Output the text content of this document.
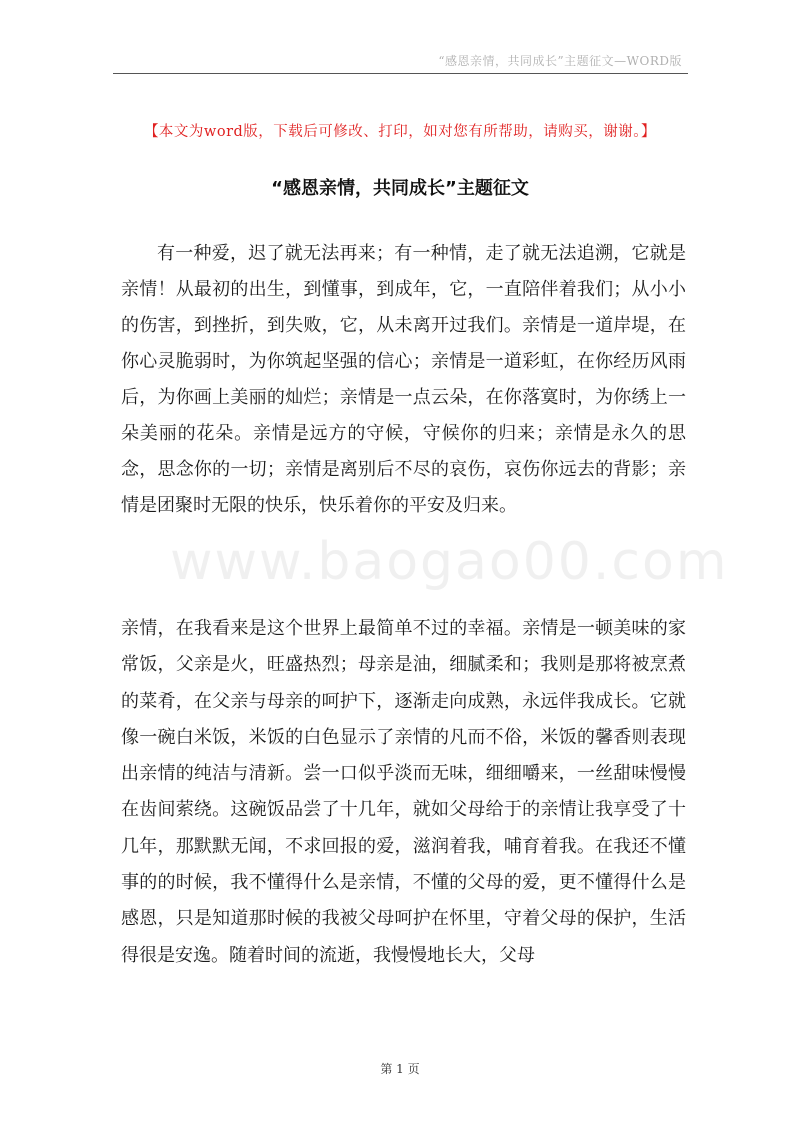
“感恩亲情，共同成长”主题征文—WORD版
【本文为word版，下载后可修改、打印，如对您有所帮助，请购买，谢谢。】
“感恩亲情，共同成长”主题征文
www.baogao00.com

有一种爱，迟了就无法再来；有一种情，走了就无法追溯，它就是亲情！从最初的出生，到懂事，到成年，它，一直陪伴着我们；从小小的伤害，到挫折，到失败，它，从未离开过我们。亲情是一道岸堤，在你心灵脆弱时，为你筑起坚强的信心；亲情是一道彩虹，在你经历风雨后，为你画上美丽的灿烂；亲情是一点云朵，在你落寞时，为你绣上一朵美丽的花朵。亲情是远方的守候，守候你的归来；亲情是永久的思念，思念你的一切；亲情是离别后不尽的哀伤，哀伤你远去的背影；亲情是团聚时无限的快乐，快乐着你的平安及归来。

亲情，在我看来是这个世界上最简单不过的幸福。亲情是一顿美味的家常饭，父亲是火，旺盛热烈；母亲是油，细腻柔和；我则是那将被烹煮的菜肴，在父亲与母亲的呵护下，逐渐走向成熟，永远伴我成长。它就像一碗白米饭，米饭的白色显示了亲情的凡而不俗，米饭的馨香则表现出亲情的纯洁与清新。尝一口似乎淡而无味，细细嚼来，一丝甜味慢慢在齿间萦绕。这碗饭品尝了十几年，就如父母给于的亲情让我享受了十几年，那默默无闻，不求回报的爱，滋润着我，哺育着我。在我还不懂事的的时候，我不懂得什么是亲情，不懂的父母的爱，更不懂得什么是感恩，只是知道那时候的我被父母呵护在怀里，守着父母的保护，生活得很是安逸。随着时间的流逝，我慢慢地长大，父母

第 1 页
